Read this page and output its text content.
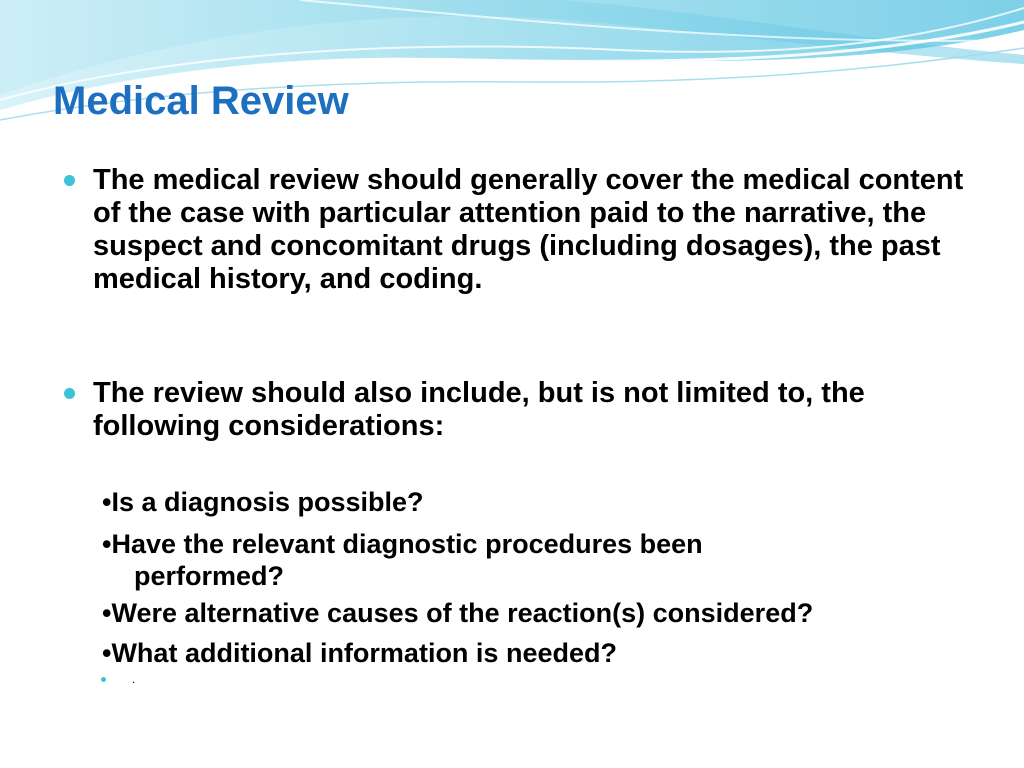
Medical Review

The medical review should generally cover the medical content of the case with particular attention paid to the narrative, the suspect and concomitant drugs (including dosages), the past medical history, and coding.

The review should also include, but is not limited to, the following considerations:

•Is a diagnosis possible?

•Have the relevant diagnostic procedures been
performed?

•Were alternative causes of the reaction(s) considered?

•What additional information is needed?

.
